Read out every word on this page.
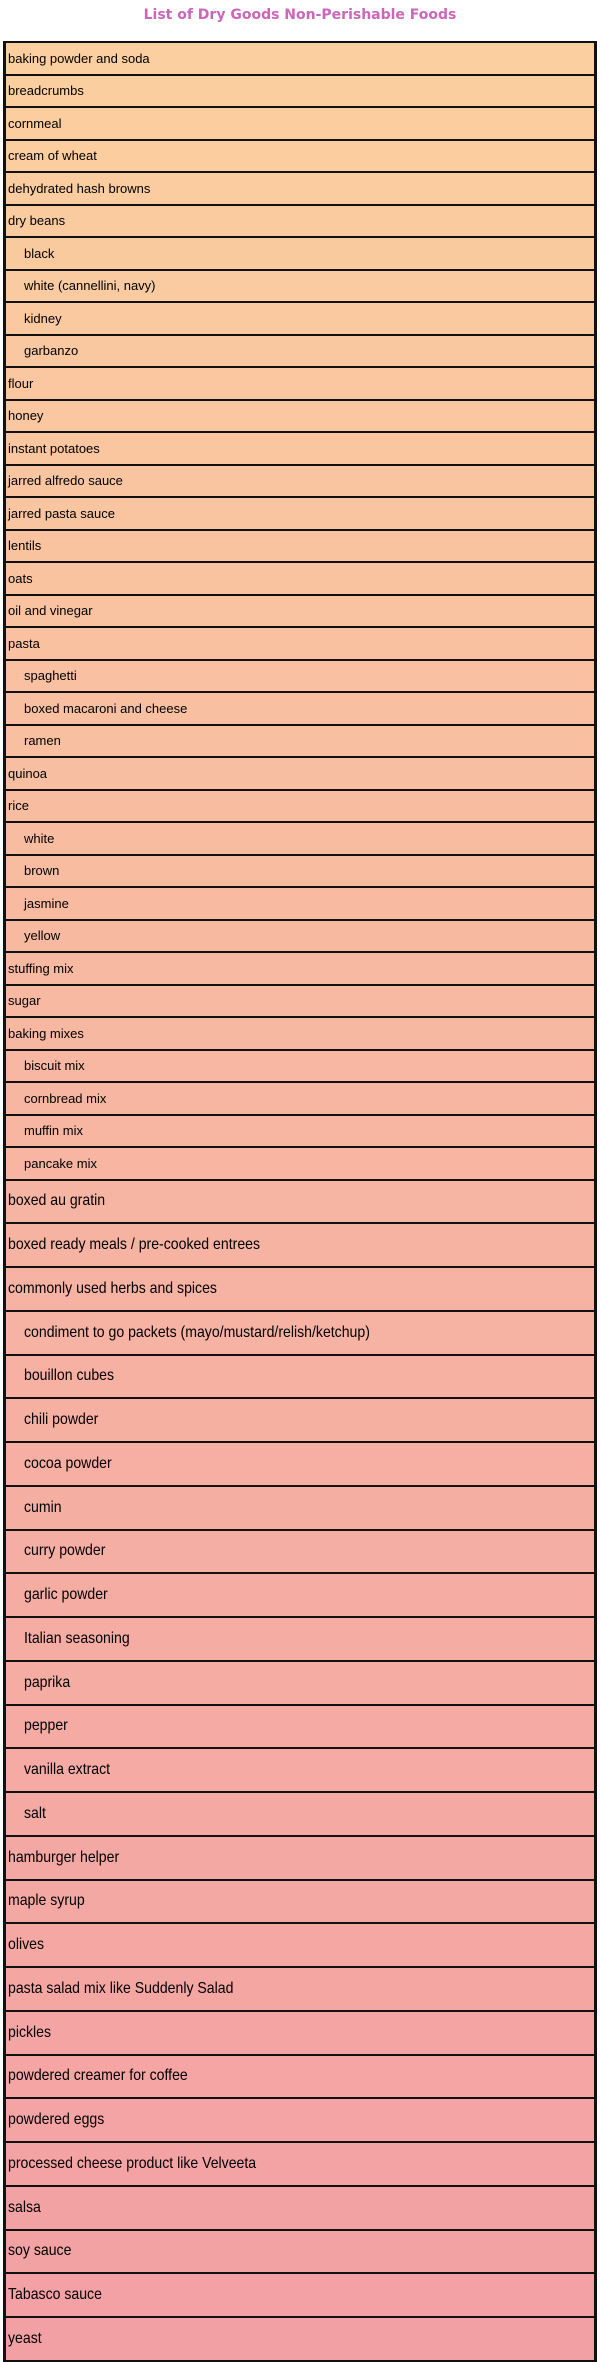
List of Dry Goods Non-Perishable Foods
baking powder and soda
breadcrumbs
cornmeal
cream of wheat
dehydrated hash browns
dry beans
black
white (cannellini, navy)
kidney
garbanzo
flour
honey
instant potatoes
jarred alfredo sauce
jarred pasta sauce
lentils
oats
oil and vinegar
pasta
spaghetti
boxed macaroni and cheese
ramen
quinoa
rice
white
brown
jasmine
yellow
stuffing mix
sugar
baking mixes
biscuit mix
cornbread mix
muffin mix
pancake mix
boxed au gratin
boxed ready meals / pre-cooked entrees
commonly used herbs and spices
condiment to go packets (mayo/mustard/relish/ketchup)
bouillon cubes
chili powder
cocoa powder
cumin
curry powder
garlic powder
Italian seasoning
paprika
pepper
vanilla extract
salt
hamburger helper
maple syrup
olives
pasta salad mix like Suddenly Salad
pickles
powdered creamer for coffee
powdered eggs
processed cheese product like Velveeta
salsa
soy sauce
Tabasco sauce
yeast
